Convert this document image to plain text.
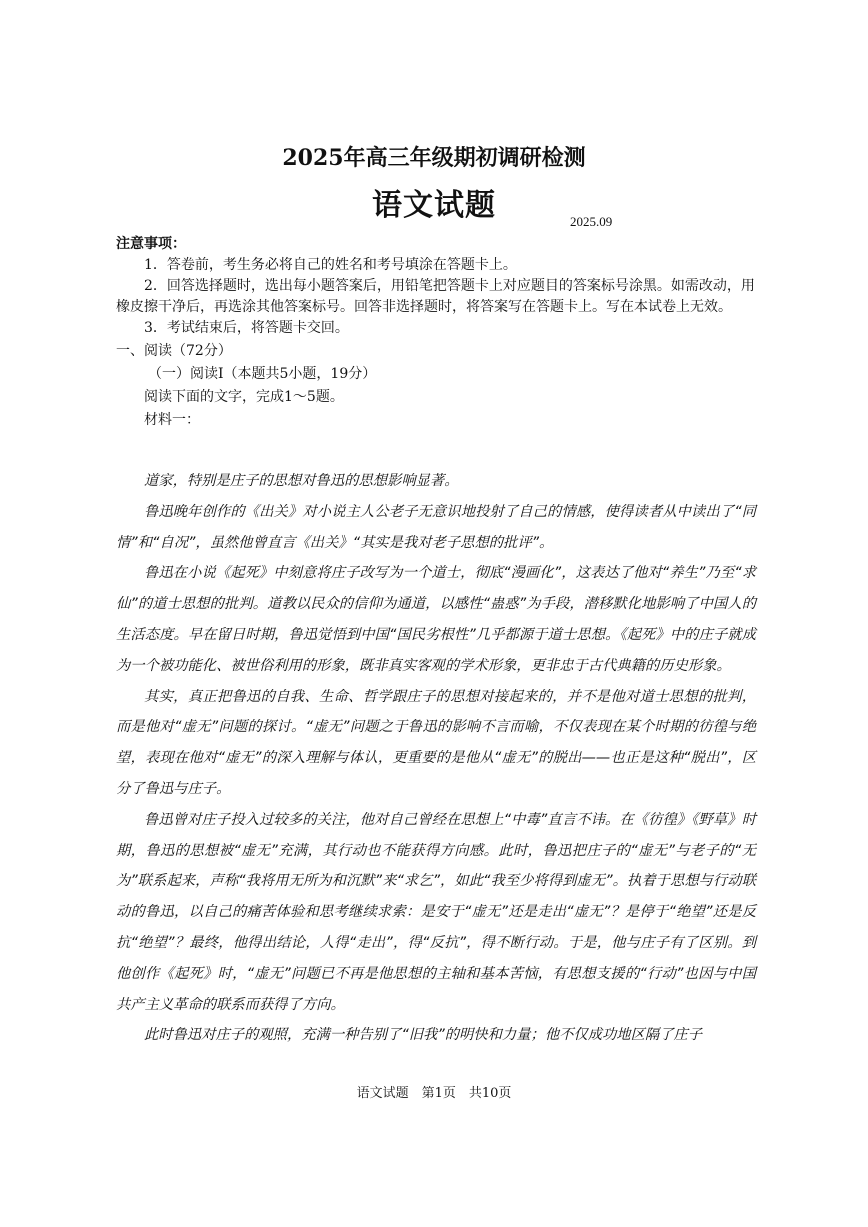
2025年高三年级期初调研检测
语文试题	2025.09
注意事项：
1．答卷前，考生务必将自己的姓名和考号填涂在答题卡上。
2．回答选择题时，选出每小题答案后，用铅笔把答题卡上对应题目的答案标号涂黑。如需改动，用橡皮擦干净后，再选涂其他答案标号。回答非选择题时，将答案写在答题卡上。写在本试卷上无效。
3．考试结束后，将答题卡交回。
一、阅读（72分）
（一）阅读Ⅰ（本题共5小题，19分）
阅读下面的文字，完成1～5题。
材料一：

道家，特别是庄子的思想对鲁迅的思想影响显著。

鲁迅晚年创作的《出关》对小说主人公老子无意识地投射了自己的情感，使得读者从中读出了“同情”和“自况”，虽然他曾直言《出关》“其实是我对老子思想的批评”。

鲁迅在小说《起死》中刻意将庄子改写为一个道士，彻底“漫画化”，这表达了他对“养生”乃至“求仙”的道士思想的批判。道教以民众的信仰为通道，以感性“蛊惑”为手段，潜移默化地影响了中国人的生活态度。早在留日时期，鲁迅觉悟到中国“国民劣根性”几乎都源于道士思想。《起死》中的庄子就成为一个被功能化、被世俗利用的形象，既非真实客观的学术形象，更非忠于古代典籍的历史形象。

其实，真正把鲁迅的自我、生命、哲学跟庄子的思想对接起来的，并不是他对道士思想的批判，而是他对“虚无”问题的探讨。“虚无”问题之于鲁迅的影响不言而喻，不仅表现在某个时期的彷徨与绝望，表现在他对“虚无”的深入理解与体认，更重要的是他从“虚无”的脱出——也正是这种“脱出”，区分了鲁迅与庄子。

鲁迅曾对庄子投入过较多的关注，他对自己曾经在思想上“中毒”直言不讳。在《彷徨》《野草》时期，鲁迅的思想被“虚无”充满，其行动也不能获得方向感。此时，鲁迅把庄子的“虚无”与老子的“无为”联系起来，声称“我将用无所为和沉默”来“求乞”，如此“我至少将得到虚无”。执着于思想与行动联动的鲁迅，以自己的痛苦体验和思考继续求索：是安于“虚无”还是走出“虚无”？是停于“绝望”还是反抗“绝望”？最终，他得出结论，人得“走出”，得“反抗”，得不断行动。于是，他与庄子有了区别。到他创作《起死》时，“虚无”问题已不再是他思想的主轴和基本苦恼，有思想支援的“行动”也因与中国共产主义革命的联系而获得了方向。

此时鲁迅对庄子的观照，充满一种告别了“旧我”的明快和力量；他不仅成功地区隔了庄子

语文试题　第1页　共10页
